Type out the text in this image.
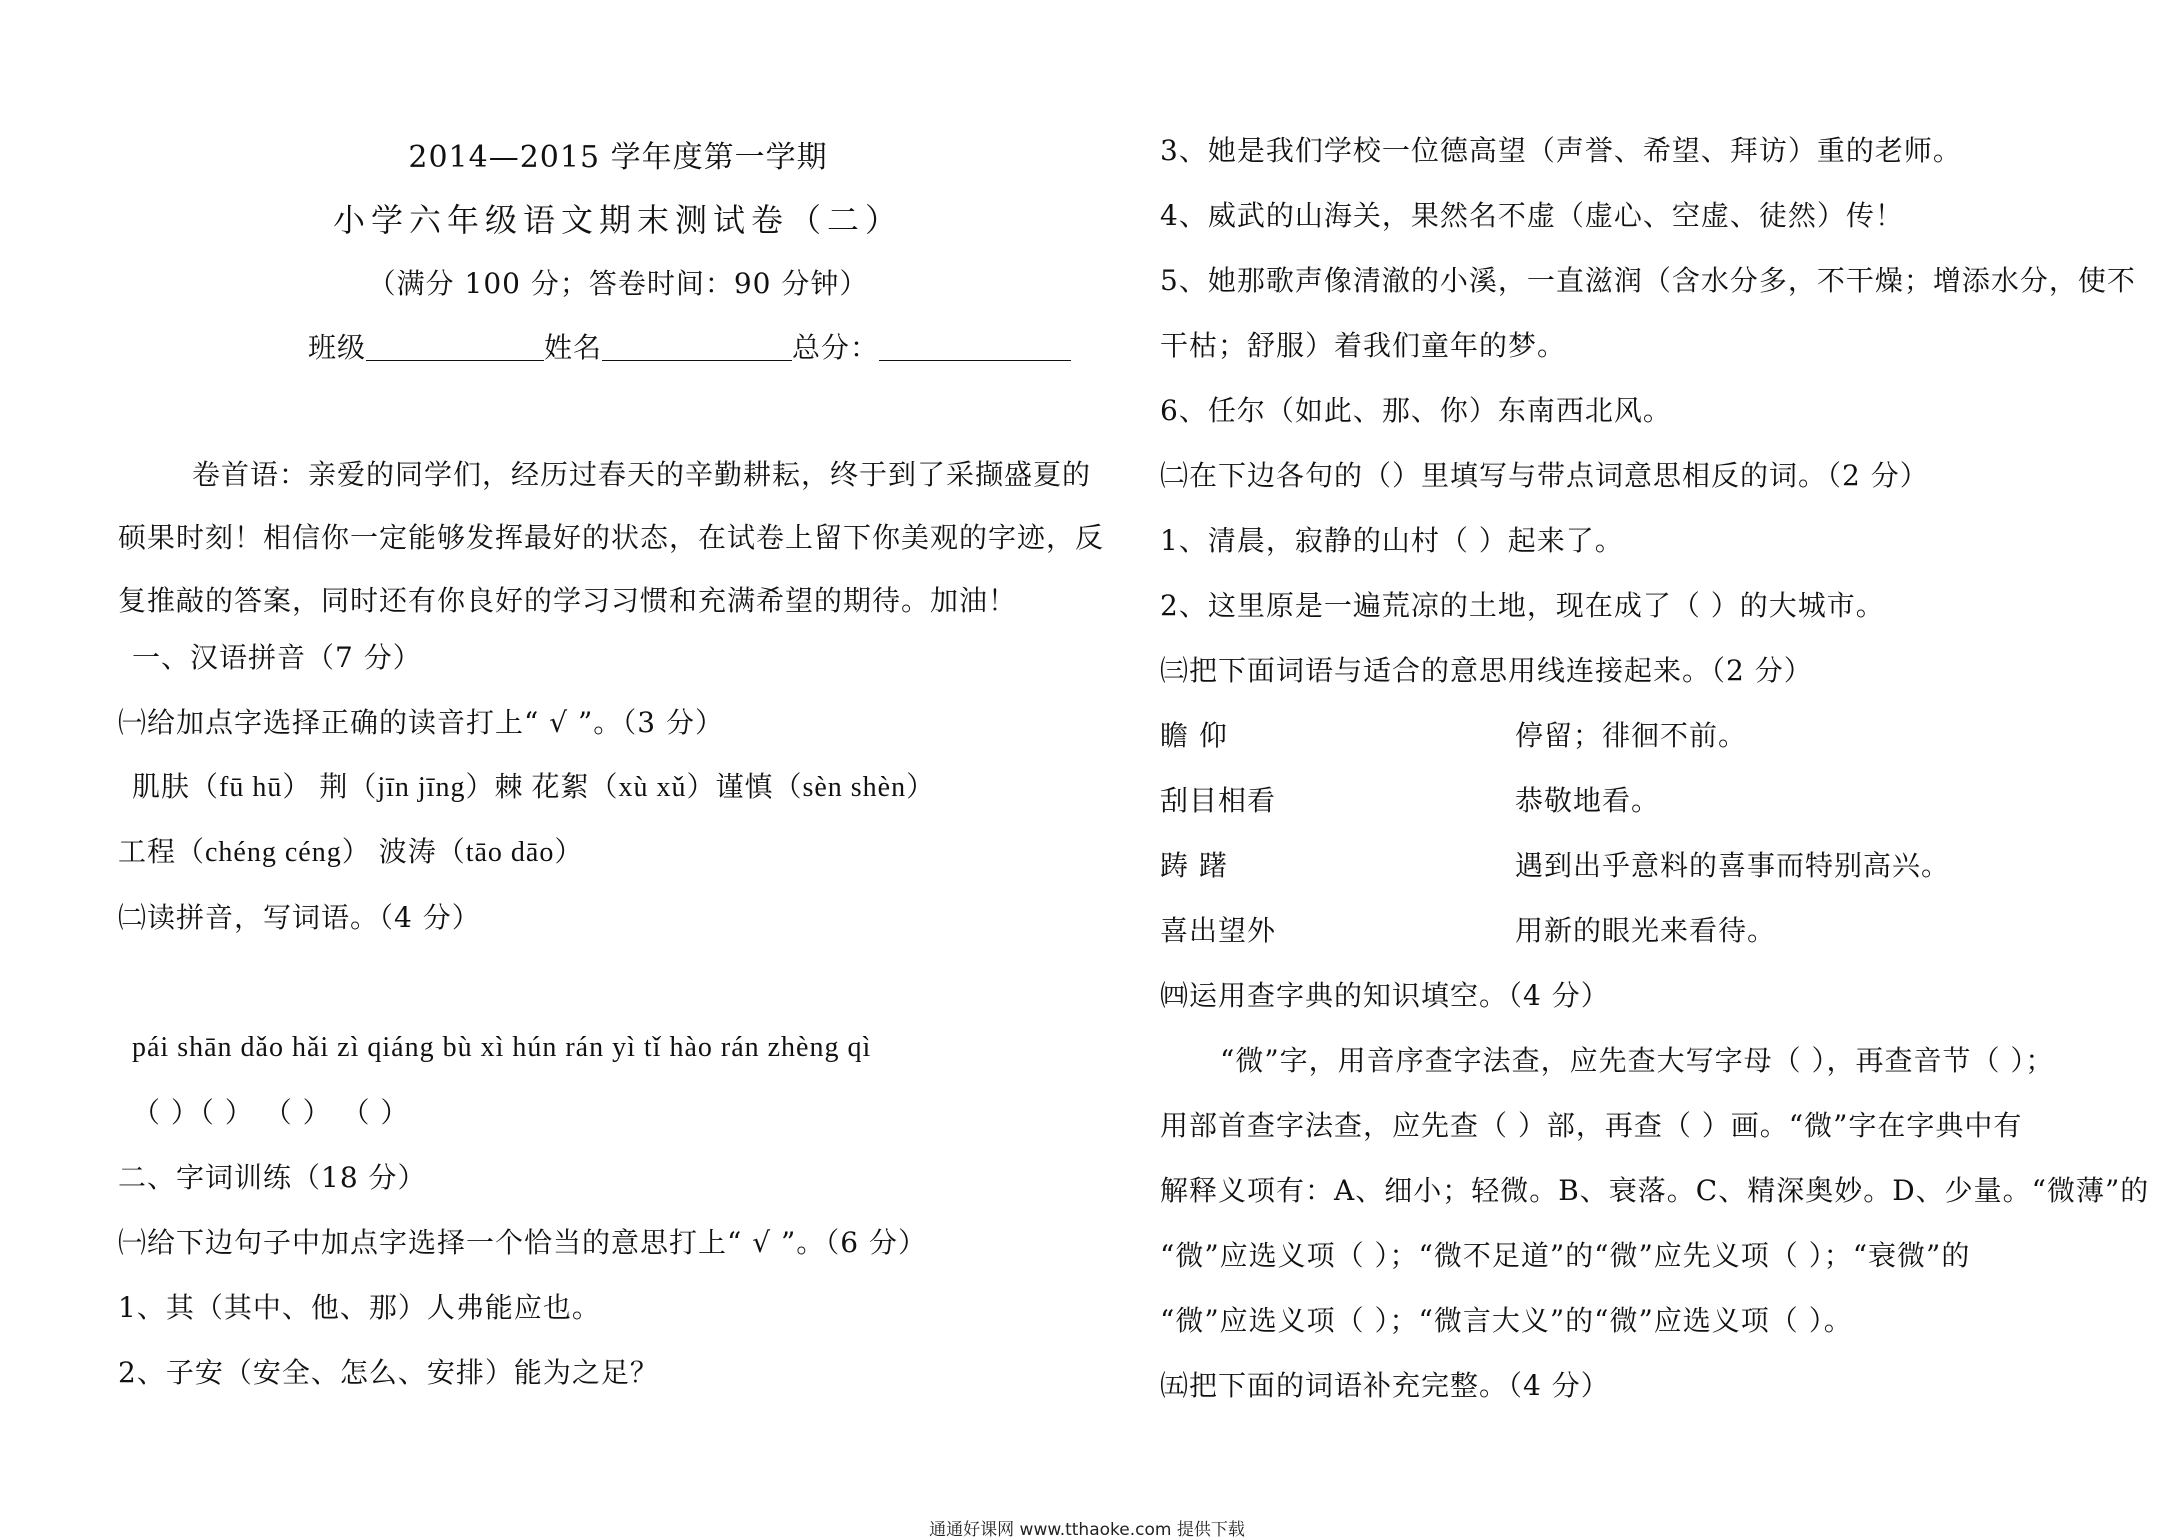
2014—2015 学年度第一学期
小学六年级语文期末测试卷（二）
（满分 100 分；答卷时间：90 分钟）
班级	姓名	总分：
卷首语：亲爱的同学们，经历过春天的辛勤耕耘，终于到了采撷盛夏的
硕果时刻！相信你一定能够发挥最好的状态，在试卷上留下你美观的字迹，反
复推敲的答案，同时还有你良好的学习习惯和充满希望的期待。加油！
一、汉语拼音（7 分）
㈠给加点字选择正确的读音打上“ √ ”。（3 分）
肌肤（fū hū） 荆（jīn jīng）棘 花絮（xù xǔ）谨慎（sèn shèn）
工程（chéng céng） 波涛（tāo dāo）
㈡读拼音，写词语。（4 分）
pái shān dǎo hǎi zì qiáng bù xì hún rán yì tǐ hào rán zhèng qì
（ ）（ ） （ ） （ ）
二、字词训练（18 分）
㈠给下边句子中加点字选择一个恰当的意思打上“ √ ”。（6 分）
1、其（其中、他、那）人弗能应也。
2、子安（安全、怎么、安排）能为之足？
3、她是我们学校一位德高望（声誉、希望、拜访）重的老师。
4、威武的山海关，果然名不虚（虚心、空虚、徒然）传！
5、她那歌声像清澈的小溪，一直滋润（含水分多，不干燥；增添水分，使不
干枯；舒服）着我们童年的梦。
6、任尔（如此、那、你）东南西北风。
㈡在下边各句的（）里填写与带点词意思相反的词。（2 分）
1、清晨，寂静的山村（ ）起来了。
2、这里原是一遍荒凉的土地，现在成了（ ）的大城市。
㈢把下面词语与适合的意思用线连接起来。（2 分）
瞻 仰	停留；徘徊不前。
刮目相看	恭敬地看。
踌 躇	遇到出乎意料的喜事而特别高兴。
喜出望外	用新的眼光来看待。
㈣运用查字典的知识填空。（4 分）
“微”字，用音序查字法查，应先查大写字母（ ），再查音节（ ）；
用部首查字法查，应先查（ ）部，再查（ ）画。“微”字在字典中有
解释义项有：A、细小；轻微。B、衰落。C、精深奥妙。D、少量。“微薄”的
“微”应选义项（ ）；“微不足道”的“微”应先义项（ ）；“衰微”的
“微”应选义项（ ）；“微言大义”的“微”应选义项（ ）。
㈤把下面的词语补充完整。（4 分）
通通好课网 www.tthaoke.com 提供下载
